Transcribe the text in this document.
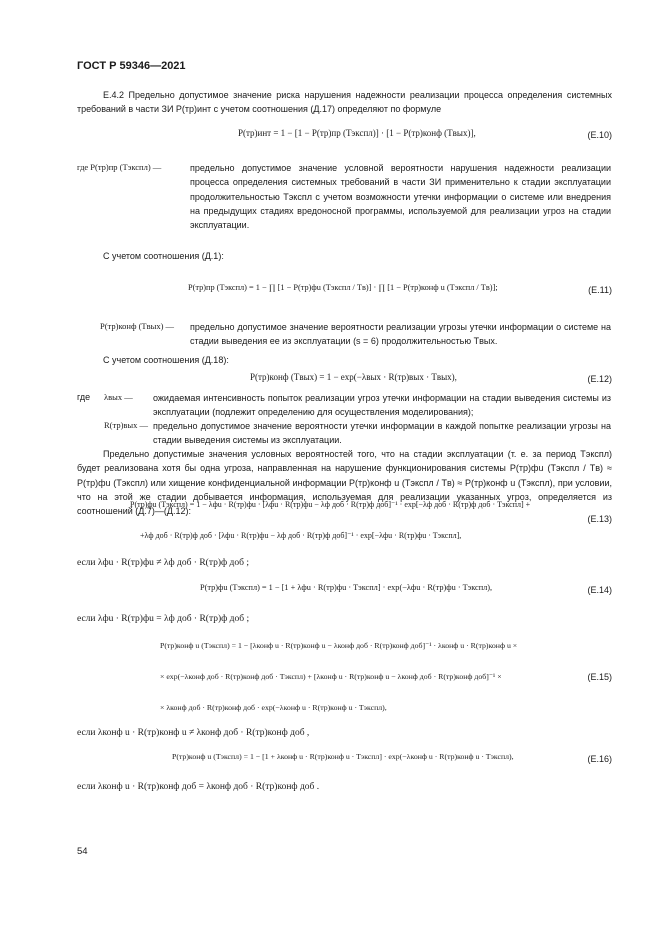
ГОСТ Р 59346—2021
Е.4.2 Предельно допустимое значение риска нарушения надежности реализации процесса определения системных требований в части ЗИ P(тр)инт с учетом соотношения (Д.17) определяют по формуле
P(тр)инт = 1 − [1 − P(тр)пр (Tэкспл)] · [1 − P(тр)конф (Tвых)],	(Е.10)
где P(тр)пр (Tэкспл) —	предельно допустимое значение условной вероятности нарушения надежности реализации процесса определения системных требований в части ЗИ применительно к стадии эксплуатации продолжительностью Tэкспл с учетом возможности утечки информации о системе или внедрения на предыдущих стадиях вредоносной программы, используемой для реализации угроз на стадии эксплуатации.
С учетом соотношения (Д.1):
P(тр)пр (Tэкспл) = 1 − ∏ [1 − P(тр)фu (Tэкспл / Tв)] · ∏ [1 − P(тр)конф u (Tэкспл / Tв)];	(Е.11)
P(тр)конф (Tвых) — предельно допустимое значение вероятности реализации угрозы утечки информации о системе на стадии выведения ее из эксплуатации (s = 6) продолжительностью Tвых.
С учетом соотношения (Д.18):
P(тр)конф (Tвых) = 1 − exp(−λвых · R(тр)вых · Tвых),	(Е.12)
где λвых — ожидаемая интенсивность попыток реализации угроз утечки информации на стадии выведения системы из эксплуатации (подлежит определению для осуществления моделирования);
R(тр)вых — предельно допустимое значение вероятности утечки информации в каждой попытке реализации угрозы на стадии выведения системы из эксплуатации.
Предельно допустимые значения условных вероятностей того, что на стадии эксплуатации (т. е. за период Tэкспл) будет реализована хотя бы одна угроза, направленная на нарушение функционирования системы P(тр)фu (Tэкспл / Tв) ≈ P(тр)фu (Tэкспл) или хищение конфиденциальной информации P(тр)конф u (Tэкспл / Tв) ≈ P(тр)конф u (Tэкспл), при условии, что на этой же стадии добывается информация, используемая для реализации указанных угроз, определяется из соотношений (Д.7)—(Д.12):
P(тр)фu (Tэкспл) = 1 − λфu · R(тр)фu · [λфu · R(тр)фu − λф доб · R(тр)ф доб]⁻¹ · exp[−λф доб · R(тр)ф доб · Tэкспл] +
+λф доб · R(тр)ф доб · [λфu · R(тр)фu − λф доб · R(тр)ф доб]⁻¹ · exp[−λфu · R(тр)фu · Tэкспл],
(Е.13)
если λфu · R(тр)фu ≠ λф доб · R(тр)ф доб ;
P(тр)фu (Tэкспл) = 1 − [1 + λфu · R(тр)фu · Tэкспл] · exp(−λфu · R(тр)фu · Tэкспл),	(Е.14)
если λфu · R(тр)фu = λф доб · R(тр)ф доб ;
P(тр)конф u (Tэкспл) = 1 − [λконф u · R(тр)конф u − λконф доб · R(тр)конф доб]⁻¹ · λконф u · R(тр)конф u ×
× exp(−λконф доб · R(тр)конф доб · Tэкспл) + [λконф u · R(тр)конф u − λконф доб · R(тр)конф доб]⁻¹ ×
× λконф доб · R(тр)конф доб · exp(−λконф u · R(тр)конф u · Tэкспл),
(Е.15)
если λконф u · R(тр)конф u ≠ λконф доб · R(тр)конф доб ,
P(тр)конф u (Tэкспл) = 1 − [1 + λконф u · R(тр)конф u · Tэкспл] · exp(−λконф u · R(тр)конф u · Tэкспл),	(Е.16)
если λконф u · R(тр)конф доб = λконф доб · R(тр)конф доб .
54
